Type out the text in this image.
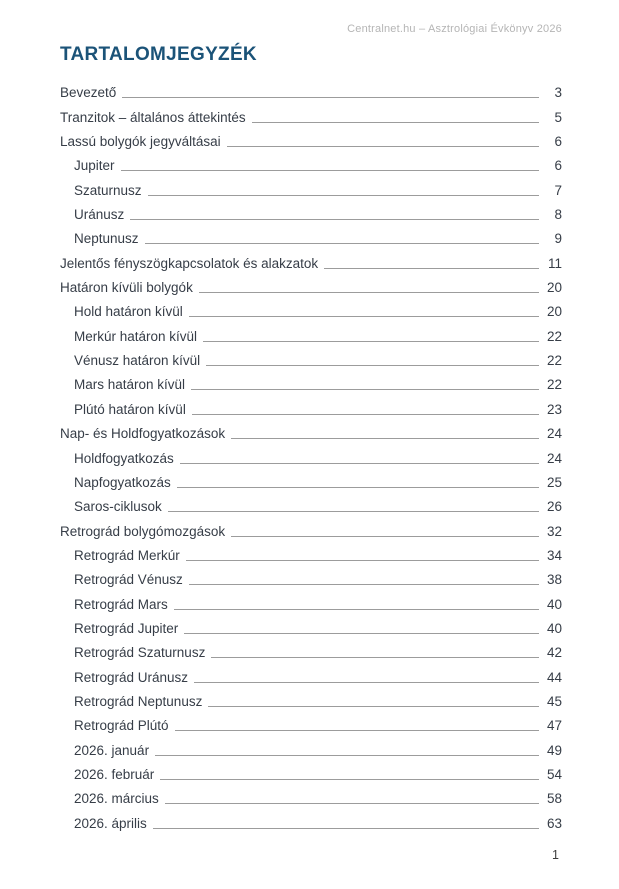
Centralnet.hu – Asztrológiai Évkönyv 2026
TARTALOMJEGYZÉK
Bevezető	3
Tranzitok – általános áttekintés	5
Lassú bolygók jegyváltásai	6
Jupiter	6
Szaturnusz	7
Uránusz	8
Neptunusz	9
Jelentős fényszögkapcsolatok és alakzatok	11
Határon kívüli bolygók	20
Hold határon kívül	20
Merkúr határon kívül	22
Vénusz határon kívül	22
Mars határon kívül	22
Plútó határon kívül	23
Nap- és Holdfogyatkozások	24
Holdfogyatkozás	24
Napfogyatkozás	25
Saros-ciklusok	26
Retrográd bolygómozgások	32
Retrográd Merkúr	34
Retrográd Vénusz	38
Retrográd Mars	40
Retrográd Jupiter	40
Retrográd Szaturnusz	42
Retrográd Uránusz	44
Retrográd Neptunusz	45
Retrográd Plútó	47
2026. január	49
2026. február	54
2026. március	58
2026. április	63
1
